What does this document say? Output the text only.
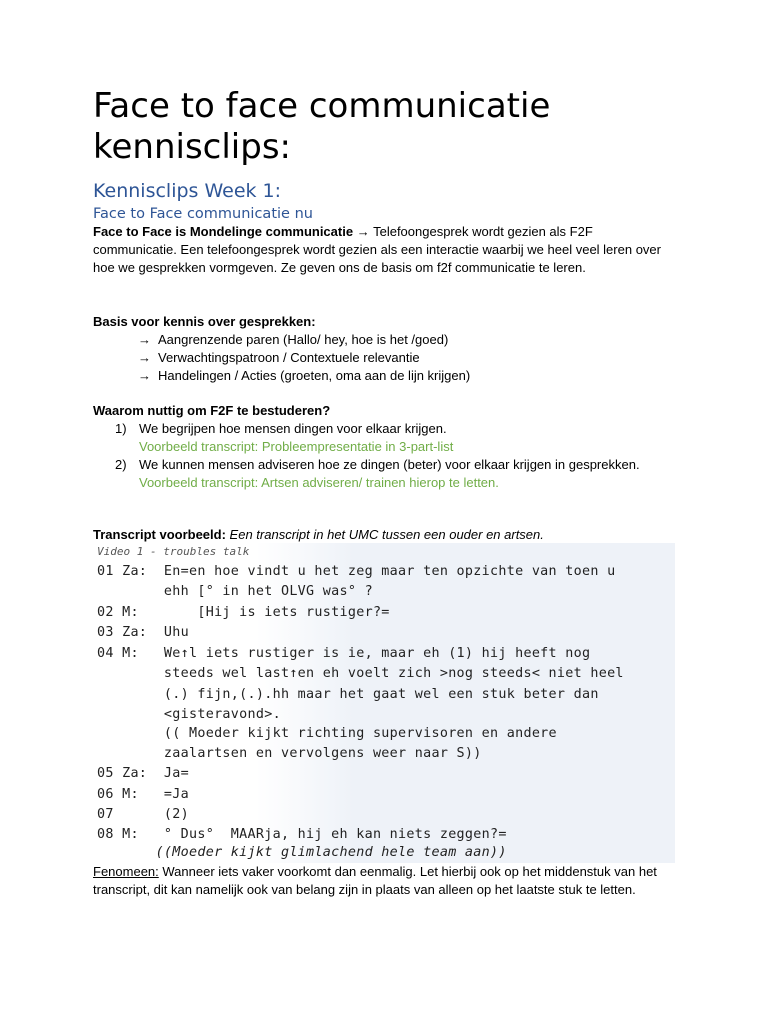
Face to face communicatie kennisclips:
Kennisclips Week 1:
Face to Face communicatie nu
Face to Face is Mondelinge communicatie → Telefoongesprek wordt gezien als F2F communicatie. Een telefoongesprek wordt gezien als een interactie waarbij we heel veel leren over hoe we gesprekken vormgeven. Ze geven ons de basis om f2f communicatie te leren.
Basis voor kennis over gesprekken:
→ Aangrenzende paren (Hallo/ hey, hoe is het /goed)
→ Verwachtingspatroon / Contextuele relevantie
→ Handelingen / Acties (groeten, oma aan de lijn krijgen)
Waarom nuttig om F2F te bestuderen?
1) We begrijpen hoe mensen dingen voor elkaar krijgen.
Voorbeeld transcript: Probleempresentatie in 3-part-list
2) We kunnen mensen adviseren hoe ze dingen (beter) voor elkaar krijgen in gesprekken.
Voorbeeld transcript: Artsen adviseren/ trainen hierop te letten.
Transcript voorbeeld: Een transcript in het UMC tussen een ouder en artsen.
Video 1 - troubles talk
01 Za:  En=en hoe vindt u het zeg maar ten opzichte van toen u
ehh [° in het OLVG was° ?
02 M:       [Hij is iets rustiger?=
03 Za:  Uhu
04 M:   We↑l iets rustiger is ie, maar eh (1) hij heeft nog
steeds wel last↑en eh voelt zich >nog steeds< niet heel
(.) fijn,(.).hh maar het gaat wel een stuk beter dan
<gisteravond>.
(( Moeder kijkt richting supervisoren en andere
zaalartsen en vervolgens weer naar S))
05 Za:  Ja=
06 M:   =Ja
07      (2)
08 M:   ° Dus°  MAARja, hij eh kan niets zeggen?=
((Moeder kijkt glimlachend hele team aan))
Fenomeen: Wanneer iets vaker voorkomt dan eenmalig. Let hierbij ook op het middenstuk van het transcript, dit kan namelijk ook van belang zijn in plaats van alleen op het laatste stuk te letten.
